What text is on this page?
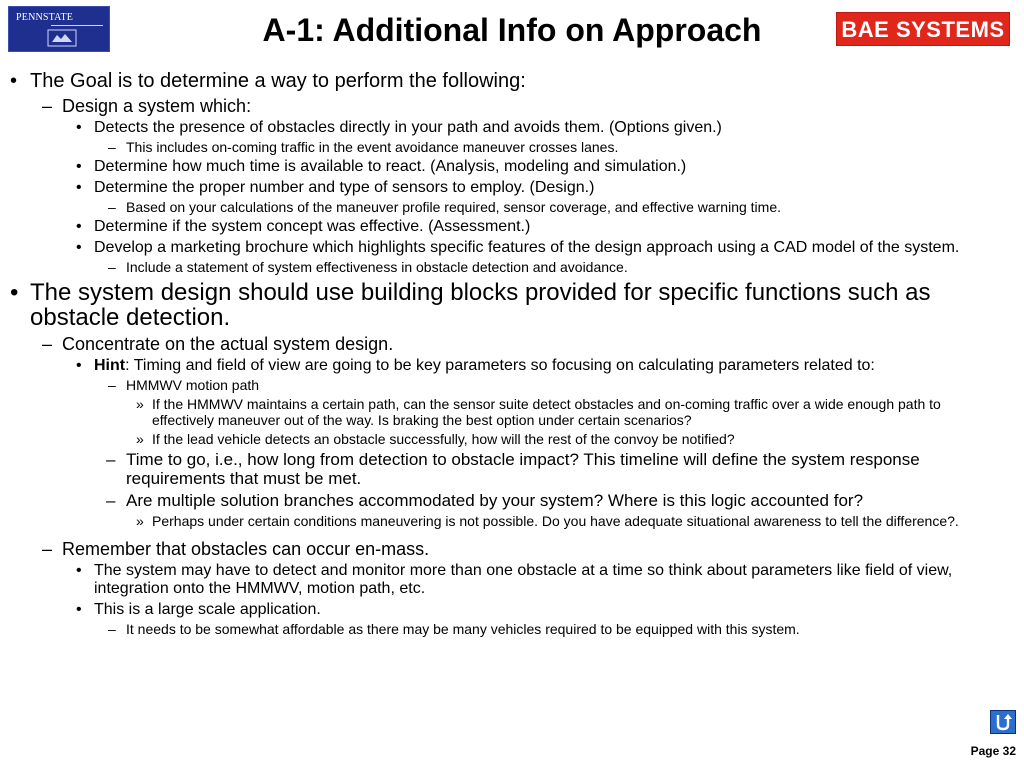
PENNSTATE	A-1: Additional Info on Approach	BAE SYSTEMS
• The Goal is to determine a way to perform the following:
– Design a system which:
• Detects the presence of obstacles directly in your path and avoids them. (Options given.)
– This includes on-coming traffic in the event avoidance maneuver crosses lanes.
• Determine how much time is available to react. (Analysis, modeling and simulation.)
• Determine the proper number and type of sensors to employ. (Design.)
– Based on your calculations of the maneuver profile required, sensor coverage, and effective warning time.
• Determine if the system concept was effective. (Assessment.)
• Develop a marketing brochure which highlights specific features of the design approach using a CAD model of the system.
– Include a statement of system effectiveness in obstacle detection and avoidance.
• The system design should use building blocks provided for specific functions such as obstacle detection.
– Concentrate on the actual system design.
• Hint: Timing and field of view are going to be key parameters so focusing on calculating parameters related to:
– HMMWV motion path
» If the HMMWV maintains a certain path, can the sensor suite detect obstacles and on-coming traffic over a wide enough path to effectively maneuver out of the way. Is braking the best option under certain scenarios?
» If the lead vehicle detects an obstacle successfully, how will the rest of the convoy be notified?
– Time to go, i.e., how long from detection to obstacle impact? This timeline will define the system response requirements that must be met.
– Are multiple solution branches accommodated by your system? Where is this logic accounted for?
» Perhaps under certain conditions maneuvering is not possible. Do you have adequate situational awareness to tell the difference?.
– Remember that obstacles can occur en-mass.
• The system may have to detect and monitor more than one obstacle at a time so think about parameters like field of view, integration onto the HMMWV, motion path, etc.
• This is a large scale application.
– It needs to be somewhat affordable as there may be many vehicles required to be equipped with this system.
Page 32
